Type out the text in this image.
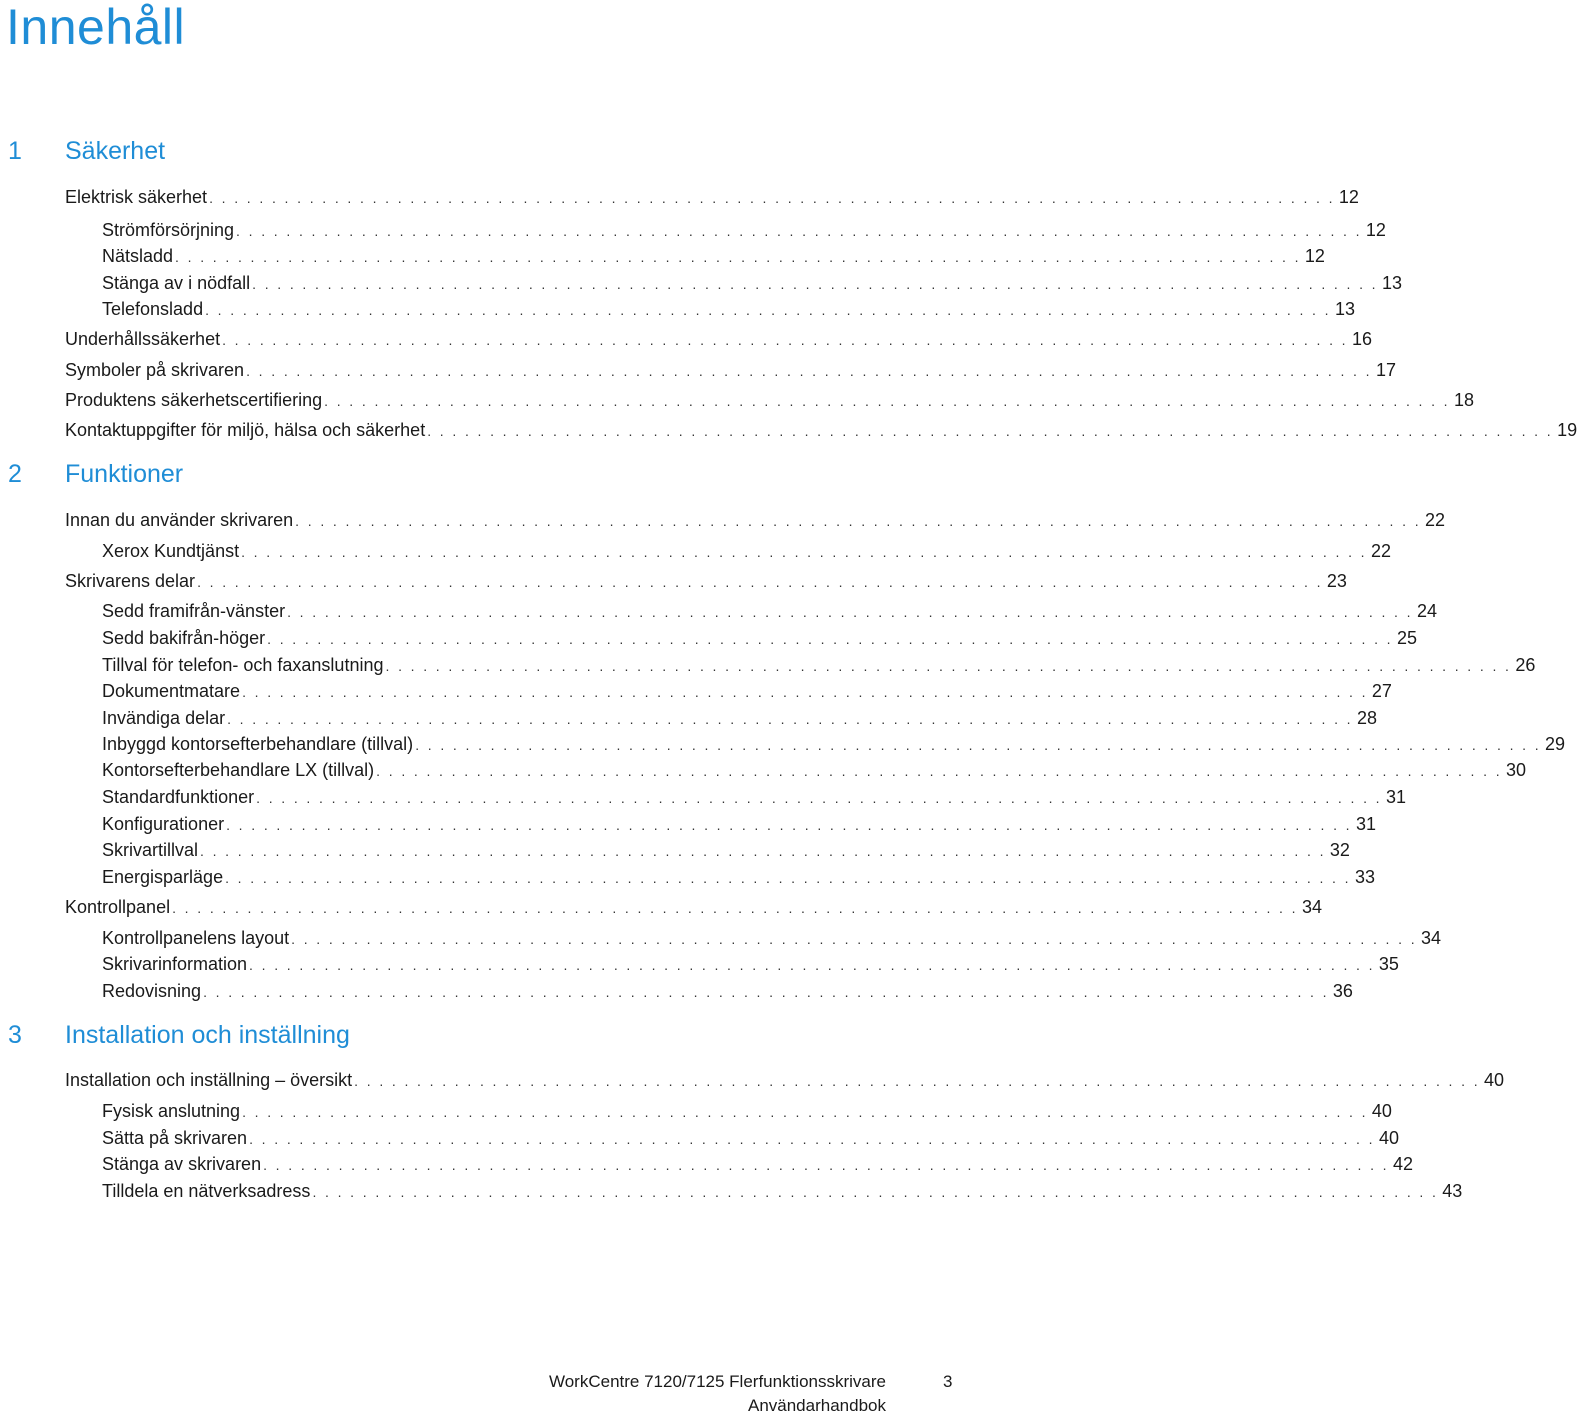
Innehåll
1 Säkerhet
Elektrisk säkerhet . . . . . . . . . . . . . . . . . . . . . . . . . . . . . . . . . . . . . . . . . . . . . . . . . . . . . . . . . . . . . . . . . . . . . . . . . . . . . . . . . . . . . . . . . . 12
Strömförsörjning . . . . . . . . . . . . . . . . . . . . . . . . . . . . . . . . . . . . . . . . . . . . . . . . . . . . . . . . . . . . . . . . . . . . . . . . . . . . . . . . . . . . . . . . . . 12
Nätsladd . . . . . . . . . . . . . . . . . . . . . . . . . . . . . . . . . . . . . . . . . . . . . . . . . . . . . . . . . . . . . . . . . . . . . . . . . . . . . . . . . . . . . . . . . . 12
Stänga av i nödfall . . . . . . . . . . . . . . . . . . . . . . . . . . . . . . . . . . . . . . . . . . . . . . . . . . . . . . . . . . . . . . . . . . . . . . . . . . . . . . . . . . . . . . . . . . 13
Telefonsladd . . . . . . . . . . . . . . . . . . . . . . . . . . . . . . . . . . . . . . . . . . . . . . . . . . . . . . . . . . . . . . . . . . . . . . . . . . . . . . . . . . . . . . . . . . 13
Underhållssäkerhet . . . . . . . . . . . . . . . . . . . . . . . . . . . . . . . . . . . . . . . . . . . . . . . . . . . . . . . . . . . . . . . . . . . . . . . . . . . . . . . . . . . . . . . . . . 16
Symboler på skrivaren . . . . . . . . . . . . . . . . . . . . . . . . . . . . . . . . . . . . . . . . . . . . . . . . . . . . . . . . . . . . . . . . . . . . . . . . . . . . . . . . . . . . . . . . . . 17
Produktens säkerhetscertifiering . . . . . . . . . . . . . . . . . . . . . . . . . . . . . . . . . . . . . . . . . . . . . . . . . . . . . . . . . . . . . . . . . . . . . . . . . . . . . . . . . . . . . . . . . . 18
Kontaktuppgifter för miljö, hälsa och säkerhet . . . . . . . . . . . . . . . . . . . . . . . . . . . . . . . . . . . . . . . . . . . . . . . . . . . . . . . . . . . . . . . . . . . . . . . . . . . . . . . . . . . . . . . . . . 19
2 Funktioner
Innan du använder skrivaren . . . . . . . . . . . . . . . . . . . . . . . . . . . . . . . . . . . . . . . . . . . . . . . . . . . . . . . . . . . . . . . . . . . . . . . . . . . . . . . . . . . . . . . . . . 22
Xerox Kundtjänst . . . . . . . . . . . . . . . . . . . . . . . . . . . . . . . . . . . . . . . . . . . . . . . . . . . . . . . . . . . . . . . . . . . . . . . . . . . . . . . . . . . . . . . . . . 22
Skrivarens delar . . . . . . . . . . . . . . . . . . . . . . . . . . . . . . . . . . . . . . . . . . . . . . . . . . . . . . . . . . . . . . . . . . . . . . . . . . . . . . . . . . . . . . . . . . 23
Sedd framifrån-vänster . . . . . . . . . . . . . . . . . . . . . . . . . . . . . . . . . . . . . . . . . . . . . . . . . . . . . . . . . . . . . . . . . . . . . . . . . . . . . . . . . . . . . . . . . . 24
Sedd bakifrån-höger . . . . . . . . . . . . . . . . . . . . . . . . . . . . . . . . . . . . . . . . . . . . . . . . . . . . . . . . . . . . . . . . . . . . . . . . . . . . . . . . . . . . . . . . . . 25
Tillval för telefon- och faxanslutning . . . . . . . . . . . . . . . . . . . . . . . . . . . . . . . . . . . . . . . . . . . . . . . . . . . . . . . . . . . . . . . . . . . . . . . . . . . . . . . . . . . . . . . . . . 26
Dokumentmatare . . . . . . . . . . . . . . . . . . . . . . . . . . . . . . . . . . . . . . . . . . . . . . . . . . . . . . . . . . . . . . . . . . . . . . . . . . . . . . . . . . . . . . . . . . 27
Invändiga delar . . . . . . . . . . . . . . . . . . . . . . . . . . . . . . . . . . . . . . . . . . . . . . . . . . . . . . . . . . . . . . . . . . . . . . . . . . . . . . . . . . . . . . . . . . 28
Inbyggd kontorsefterbehandlare (tillval) . . . . . . . . . . . . . . . . . . . . . . . . . . . . . . . . . . . . . . . . . . . . . . . . . . . . . . . . . . . . . . . . . . . . . . . . . . . . . . . . . . . . . . . . . . 29
Kontorsefterbehandlare LX (tillval) . . . . . . . . . . . . . . . . . . . . . . . . . . . . . . . . . . . . . . . . . . . . . . . . . . . . . . . . . . . . . . . . . . . . . . . . . . . . . . . . . . . . . . . . . . 30
Standardfunktioner . . . . . . . . . . . . . . . . . . . . . . . . . . . . . . . . . . . . . . . . . . . . . . . . . . . . . . . . . . . . . . . . . . . . . . . . . . . . . . . . . . . . . . . . . . 31
Konfigurationer . . . . . . . . . . . . . . . . . . . . . . . . . . . . . . . . . . . . . . . . . . . . . . . . . . . . . . . . . . . . . . . . . . . . . . . . . . . . . . . . . . . . . . . . . . 31
Skrivartillval . . . . . . . . . . . . . . . . . . . . . . . . . . . . . . . . . . . . . . . . . . . . . . . . . . . . . . . . . . . . . . . . . . . . . . . . . . . . . . . . . . . . . . . . . . 32
Energisparläge . . . . . . . . . . . . . . . . . . . . . . . . . . . . . . . . . . . . . . . . . . . . . . . . . . . . . . . . . . . . . . . . . . . . . . . . . . . . . . . . . . . . . . . . . . 33
Kontrollpanel . . . . . . . . . . . . . . . . . . . . . . . . . . . . . . . . . . . . . . . . . . . . . . . . . . . . . . . . . . . . . . . . . . . . . . . . . . . . . . . . . . . . . . . . . . 34
Kontrollpanelens layout . . . . . . . . . . . . . . . . . . . . . . . . . . . . . . . . . . . . . . . . . . . . . . . . . . . . . . . . . . . . . . . . . . . . . . . . . . . . . . . . . . . . . . . . . . 34
Skrivarinformation . . . . . . . . . . . . . . . . . . . . . . . . . . . . . . . . . . . . . . . . . . . . . . . . . . . . . . . . . . . . . . . . . . . . . . . . . . . . . . . . . . . . . . . . . . 35
Redovisning . . . . . . . . . . . . . . . . . . . . . . . . . . . . . . . . . . . . . . . . . . . . . . . . . . . . . . . . . . . . . . . . . . . . . . . . . . . . . . . . . . . . . . . . . . 36
3 Installation och inställning
Installation och inställning – översikt . . . . . . . . . . . . . . . . . . . . . . . . . . . . . . . . . . . . . . . . . . . . . . . . . . . . . . . . . . . . . . . . . . . . . . . . . . . . . . . . . . . . . . . . . . 40
Fysisk anslutning . . . . . . . . . . . . . . . . . . . . . . . . . . . . . . . . . . . . . . . . . . . . . . . . . . . . . . . . . . . . . . . . . . . . . . . . . . . . . . . . . . . . . . . . . . 40
Sätta på skrivaren . . . . . . . . . . . . . . . . . . . . . . . . . . . . . . . . . . . . . . . . . . . . . . . . . . . . . . . . . . . . . . . . . . . . . . . . . . . . . . . . . . . . . . . . . . 40
Stänga av skrivaren . . . . . . . . . . . . . . . . . . . . . . . . . . . . . . . . . . . . . . . . . . . . . . . . . . . . . . . . . . . . . . . . . . . . . . . . . . . . . . . . . . . . . . . . . . 42
Tilldela en nätverksadress . . . . . . . . . . . . . . . . . . . . . . . . . . . . . . . . . . . . . . . . . . . . . . . . . . . . . . . . . . . . . . . . . . . . . . . . . . . . . . . . . . . . . . . . . . 43
WorkCentre 7120/7125 Flerfunktionsskrivare
Användarhandbok
3
